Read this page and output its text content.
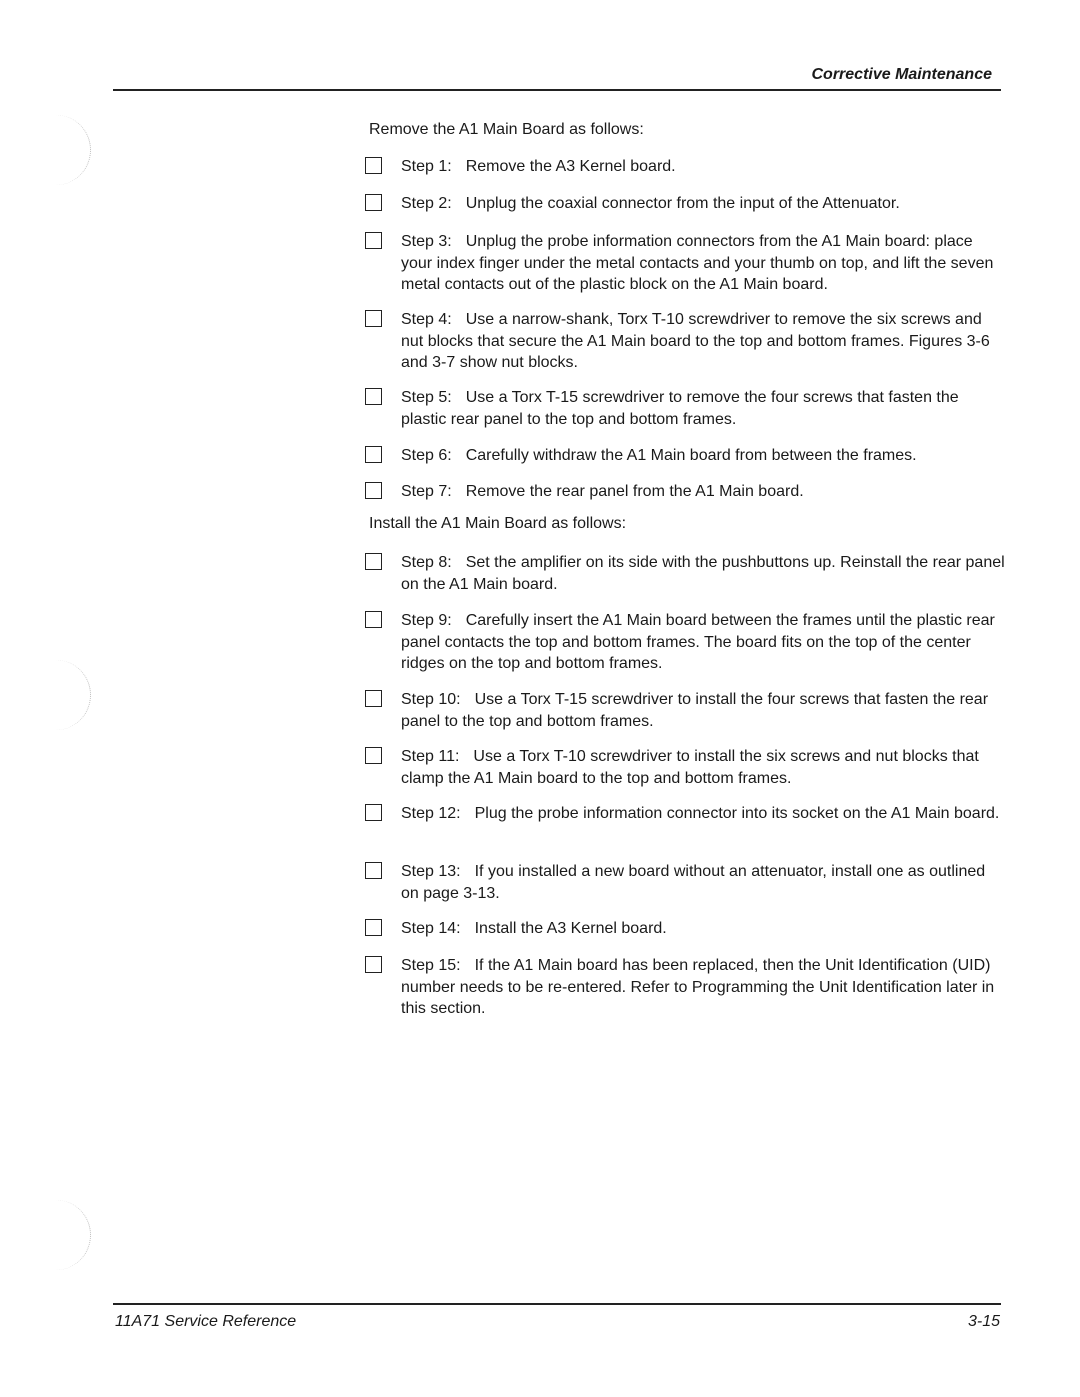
Corrective Maintenance
Remove the A1 Main Board as follows:
Install the A1 Main Board as follows:
Step 1: Remove the A3 Kernel board.
Step 2: Unplug the coaxial connector from the input of the Attenuator.
Step 3: Unplug the probe information connectors from the A1 Main board: place your index finger under the metal contacts and your thumb on top, and lift the seven metal contacts out of the plastic block on the A1 Main board.
Step 4: Use a narrow-shank, Torx T-10 screwdriver to remove the six screws and nut blocks that secure the A1 Main board to the top and bottom frames. Figures 3-6 and 3-7 show nut blocks.
Step 5: Use a Torx T-15 screwdriver to remove the four screws that fasten the plastic rear panel to the top and bottom frames.
Step 6: Carefully withdraw the A1 Main board from between the frames.
Step 7: Remove the rear panel from the A1 Main board.
Step 8: Set the amplifier on its side with the pushbuttons up. Reinstall the rear panel on the A1 Main board.
Step 9: Carefully insert the A1 Main board between the frames until the plastic rear panel contacts the top and bottom frames. The board fits on the top of the center ridges on the top and bottom frames.
Step 10: Use a Torx T-15 screwdriver to install the four screws that fasten the rear panel to the top and bottom frames.
Step 11: Use a Torx T-10 screwdriver to install the six screws and nut blocks that clamp the A1 Main board to the top and bottom frames.
Step 12: Plug the probe information connector into its socket on the A1 Main board.
Step 13: If you installed a new board without an attenuator, install one as outlined on page 3-13.
Step 14: Install the A3 Kernel board.
Step 15: If the A1 Main board has been replaced, then the Unit Identification (UID) number needs to be re-entered. Refer to Programming the Unit Identification later in this section.
11A71 Service Reference	3-15
